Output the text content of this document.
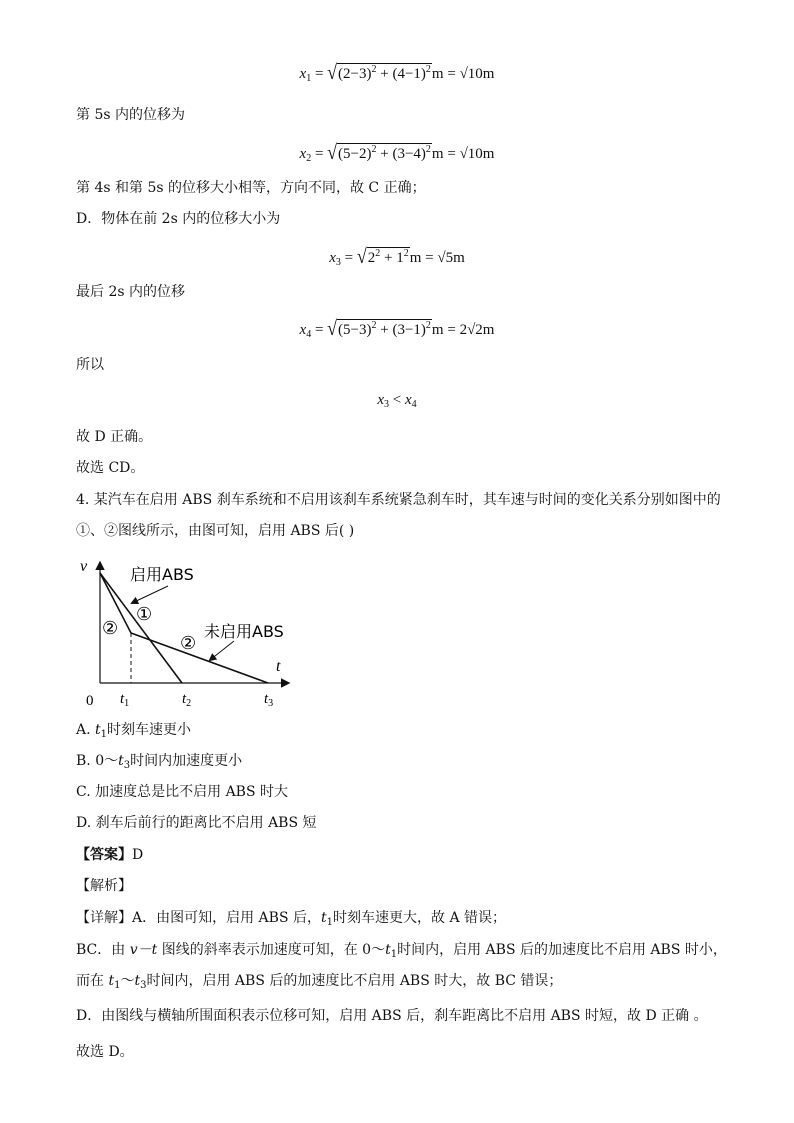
$x_1 = √(2-3)^2 + (4-1)^2m = √10m$
第 5s 内的位移为
$x_2 = √(5-2)^2 + (3-4)^2m = √10m$
第 4s 和第 5s 的位移大小相等，方向不同，故 C 正确；
D．物体在前 2s 内的位移大小为
$x_3 = √2^2 + 1^2m = √5m$
最后 2s 内的位移
$x_4 = √(5-3)^2 + (3-1)^2m = 2√2m$
所以
$x_3 < x_4$
故 D 正确。
故选 CD。
4. 某汽车在启用 ABS 刹车系统和不启用该刹车系统紧急刹车时，其车速与时间的变化关系分别如图中的
①、②图线所示，由图可知，启用 ABS 后( )
v
t
0
启用ABS
未启用ABS
①
②
②
$t_1$	$t_2$	$t_3$
A. $t_1$时刻车速更小
B. $0\sim t_3$时间内加速度更小
C. 加速度总是比不启用 ABS 时大
D. 刹车后前行的距离比不启用 ABS 短
【答案】D
【解析】
【详解】A．由图可知，启用 ABS 后，$t_1$时刻车速更大，故 A 错误；
BC．由 v－t 图线的斜率表示加速度可知，在 $0\sim t_1$时间内，启用 ABS 后的加速度比不启用 ABS 时小，
而在 $t_1\sim t_3$时间内，启用 ABS 后的加速度比不启用 ABS 时大，故 BC 错误；
D．由图线与横轴所围面积表示位移可知，启用 ABS 后，刹车距离比不启用 ABS 时短，故 D 正确 。
故选 D。
